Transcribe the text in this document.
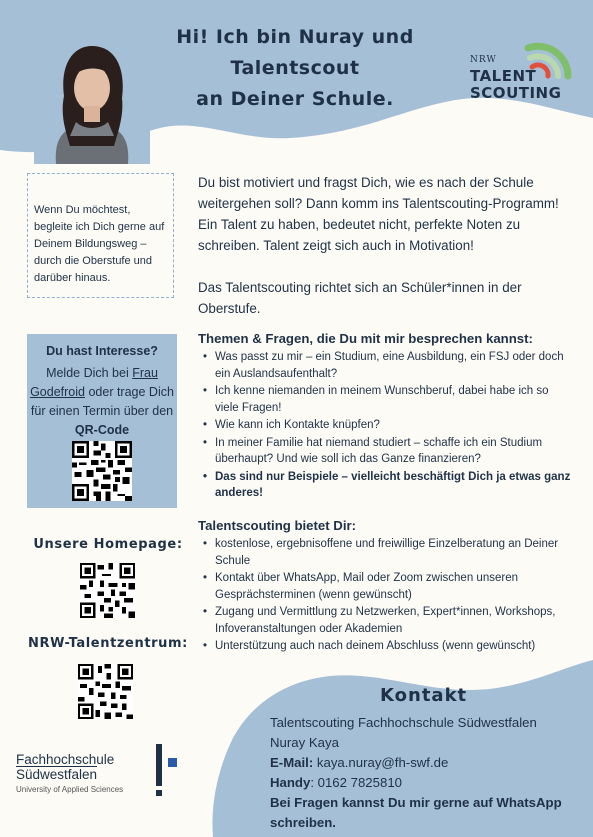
Hi! Ich bin Nuray und Talentscout
an Deiner Schule.
NRW
TALENT
SCOUTING
Wenn Du möchtest, begleite ich Dich gerne auf Deinem Bildungsweg – durch die Oberstufe und darüber hinaus.

Du bist motiviert und fragst Dich, wie es nach der Schule weitergehen soll? Dann komm ins Talentscouting-Programm! Ein Talent zu haben, bedeutet nicht, perfekte Noten zu schreiben. Talent zeigt sich auch in Motivation!

Das Talentscouting richtet sich an Schüler*innen in der Oberstufe.

Du hast Interesse?
Melde Dich bei Frau Godefroid oder trage Dich für einen Termin über den QR-Code
Unsere Homepage:
NRW-Talentzentrum:
Themen & Fragen, die Du mit mir besprechen kannst:
• Was passt zu mir – ein Studium, eine Ausbildung, ein FSJ oder doch ein Auslandsaufenthalt?
• Ich kenne niemanden in meinem Wunschberuf, dabei habe ich so viele Fragen!
• Wie kann ich Kontakte knüpfen?
• In meiner Familie hat niemand studiert – schaffe ich ein Studium überhaupt? Und wie soll ich das Ganze finanzieren?
• Das sind nur Beispiele – vielleicht beschäftigt Dich ja etwas ganz anderes!
Talentscouting bietet Dir:
• kostenlose, ergebnisoffene und freiwillige Einzelberatung an Deiner Schule
• Kontakt über WhatsApp, Mail oder Zoom zwischen unseren Gesprächsterminen (wenn gewünscht)
• Zugang und Vermittlung zu Netzwerken, Expert*innen, Workshops, Infoveranstaltungen oder Akademien
• Unterstützung auch nach deinem Abschluss (wenn gewünscht)
Kontakt
Talentscouting Fachhochschule Südwestfalen
Nuray Kaya
E-Mail: kaya.nuray@fh-swf.de
Handy: 0162 7825810
Bei Fragen kannst Du mir gerne auf WhatsApp schreiben.
Fachhochschule
Südwestfalen
University of Applied Sciences
